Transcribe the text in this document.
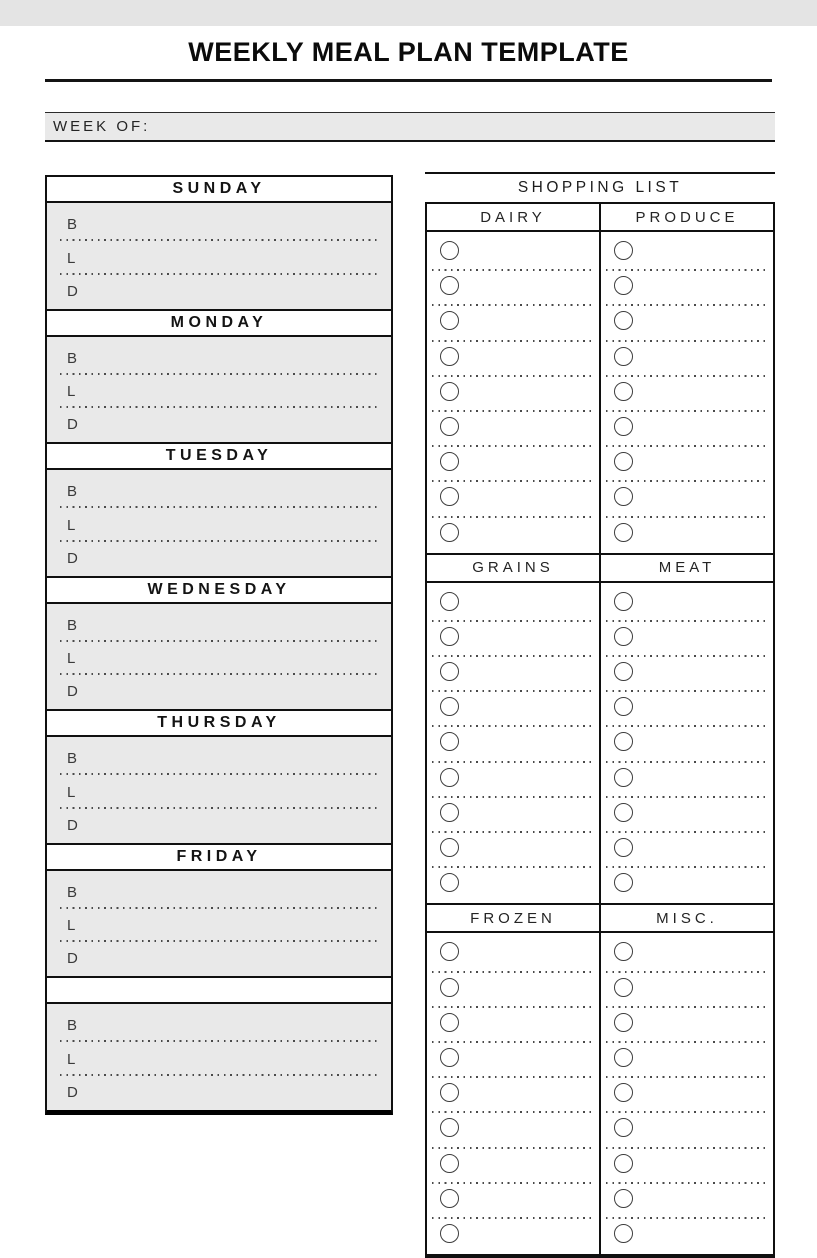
WEEKLY MEAL PLAN TEMPLATE
WEEK OF:
SUNDAY
B
L
D
MONDAY
B
L
D
TUESDAY
B
L
D
WEDNESDAY
B
L
D
THURSDAY
B
L
D
FRIDAY
B
L
D
B
L
D
SHOPPING LIST
DAIRY	PRODUCE
GRAINS	MEAT
FROZEN	MISC.
